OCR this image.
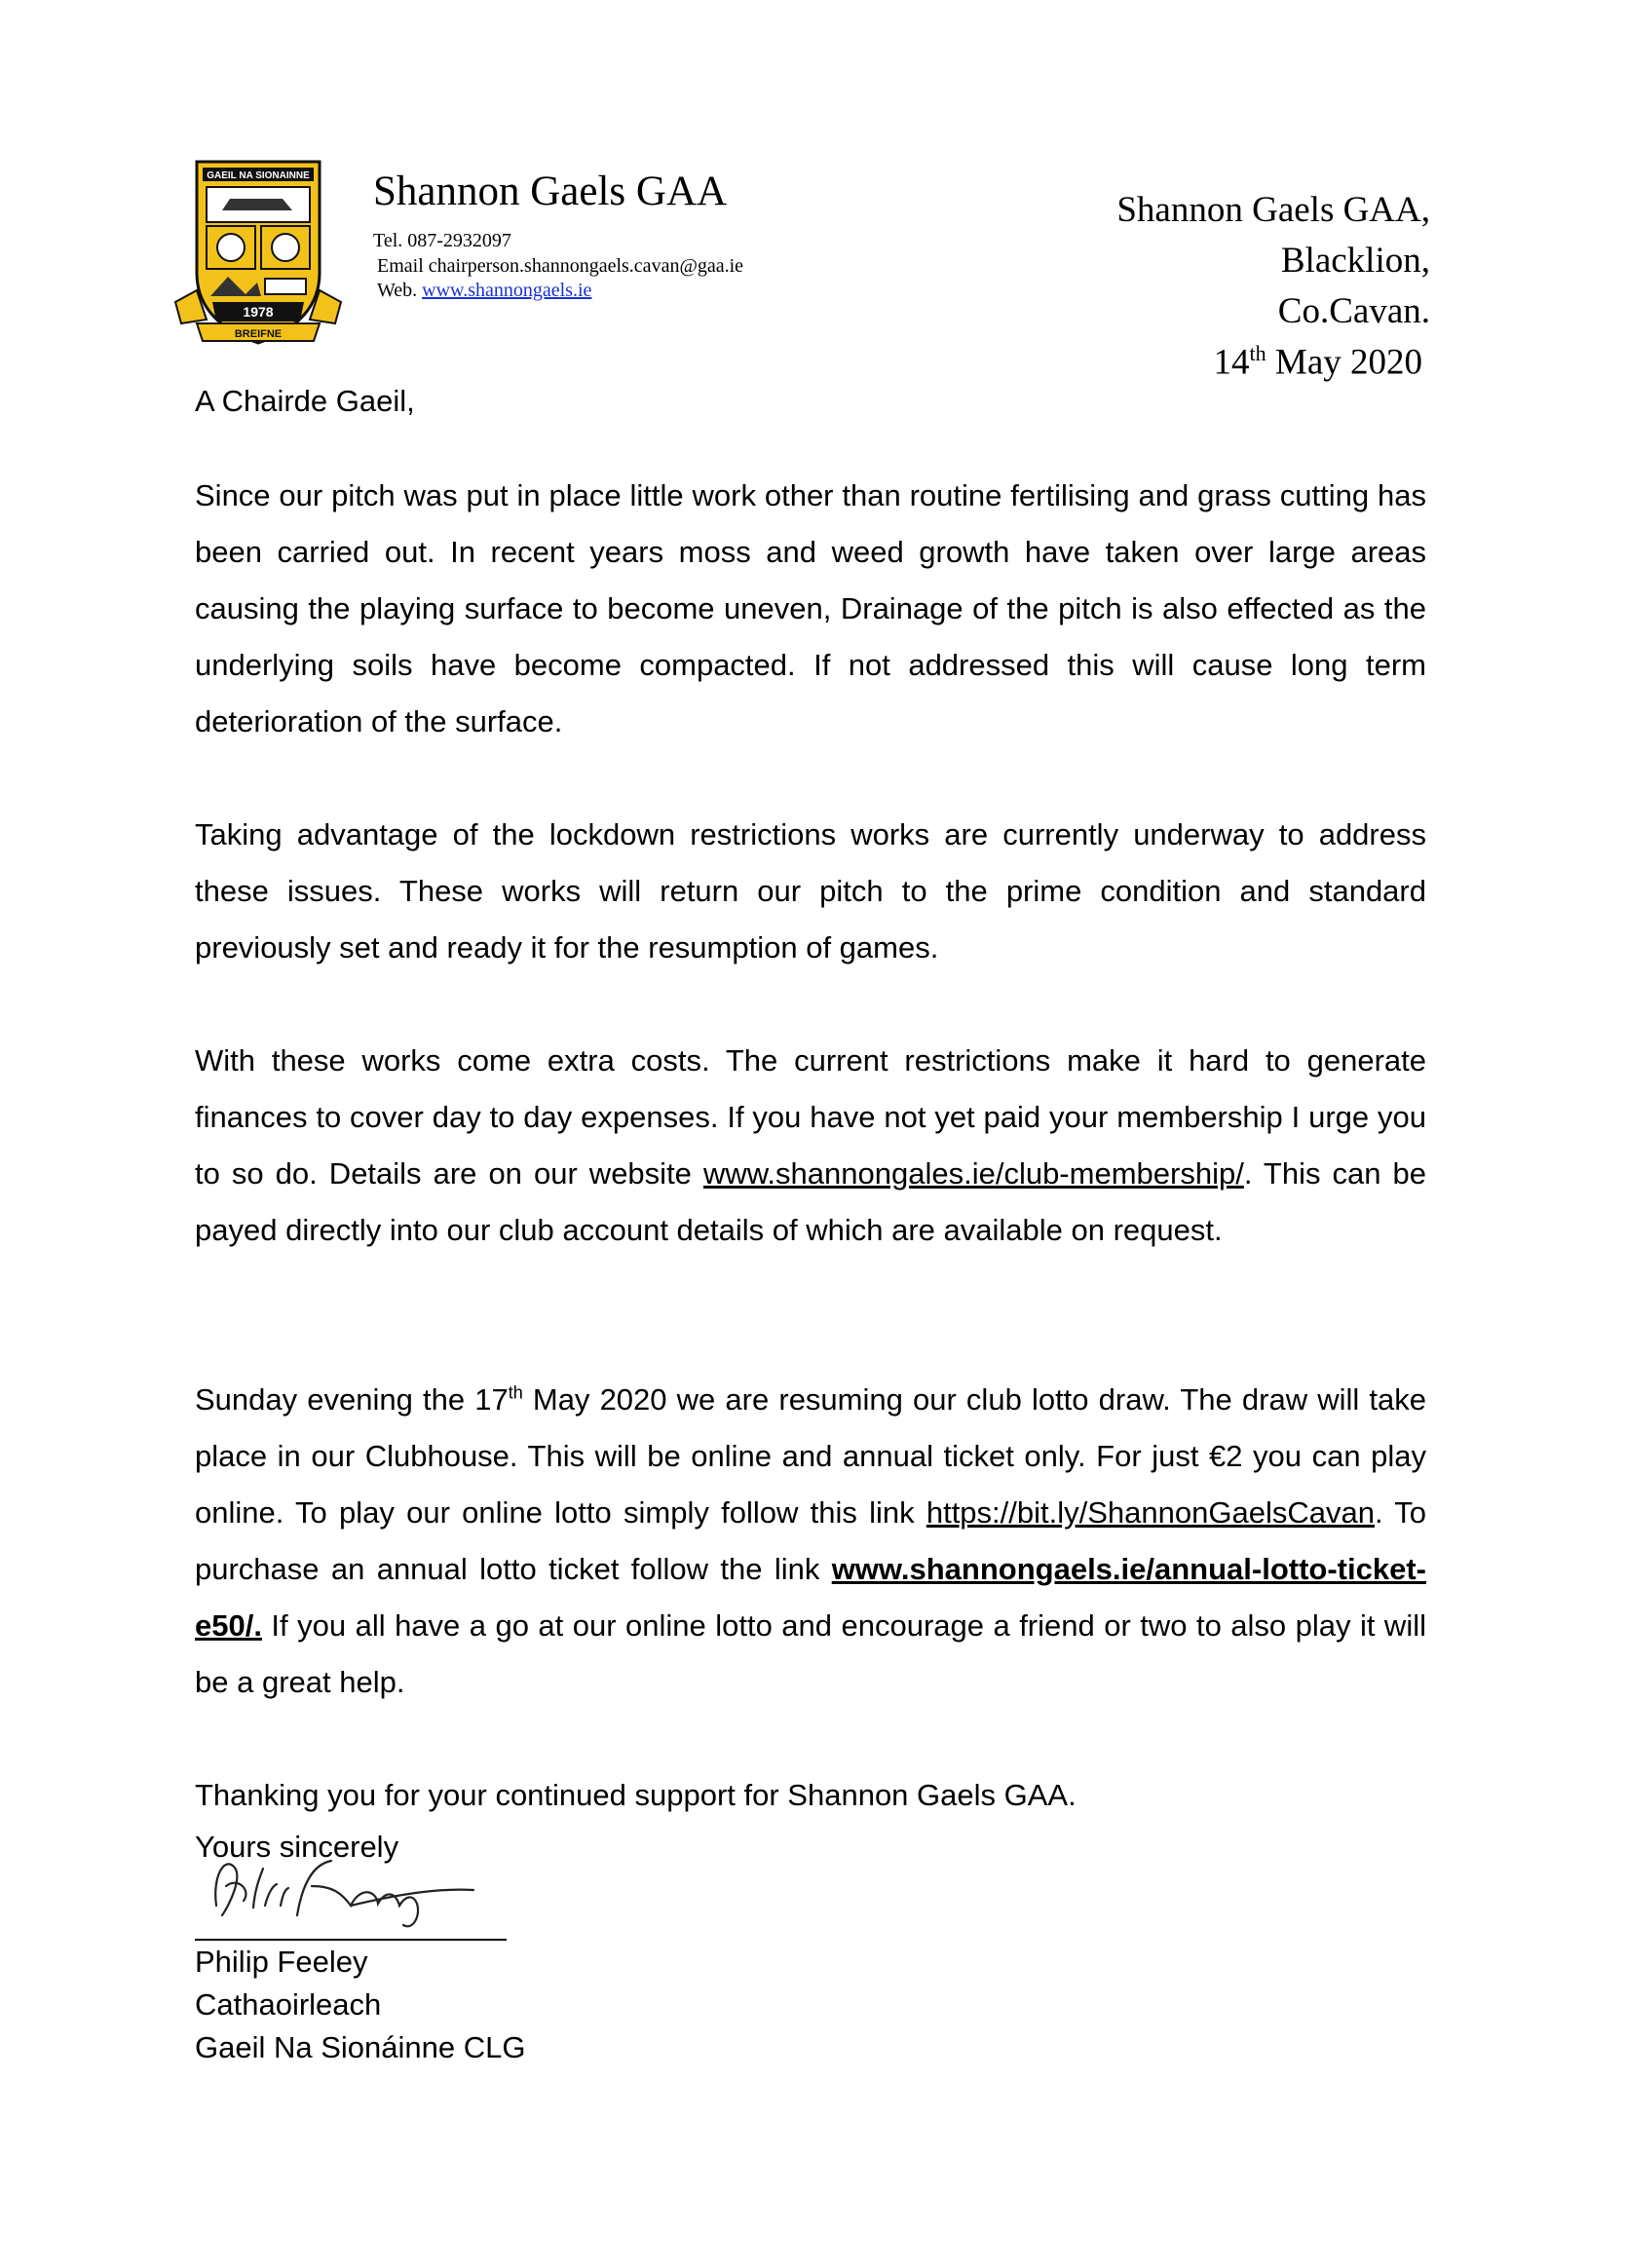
GAEIL NA SIONAINNE
1978
BREIFNE
Shannon Gaels GAA
Tel. 087-2932097
Email chairperson.shannongaels.cavan@gaa.ie
Web. www.shannongaels.ie
Shannon Gaels GAA,
Blacklion,
Co.Cavan.
14th May 2020
A Chairde Gaeil,

Since our pitch was put in place little work other than routine fertilising and grass cutting has been carried out. In recent years moss and weed growth have taken over large areas causing the playing surface to become uneven, Drainage of the pitch is also effected as the underlying soils have become compacted. If not addressed this will cause long term deterioration of the surface.

Taking advantage of the lockdown restrictions works are currently underway to address these issues. These works will return our pitch to the prime condition and standard previously set and ready it for the resumption of games.

With these works come extra costs. The current restrictions make it hard to generate finances to cover day to day expenses. If you have not yet paid your membership I urge you to so do. Details are on our website www.shannongales.ie/club-membership/. This can be payed directly into our club account details of which are available on request.

Sunday evening the 17th May 2020 we are resuming our club lotto draw. The draw will take place in our Clubhouse. This will be online and annual ticket only. For just €2 you can play online. To play our online lotto simply follow this link https://bit.ly/ShannonGaelsCavan. To purchase an annual lotto ticket follow the link www.shannongaels.ie/annual-lotto-ticket-e50/. If you all have a go at our online lotto and encourage a friend or two to also play it will be a great help.

Thanking you for your continued support for Shannon Gaels GAA.

Yours sincerely
Philip Feeley
Cathaoirleach
Gaeil Na Sionáinne CLG
